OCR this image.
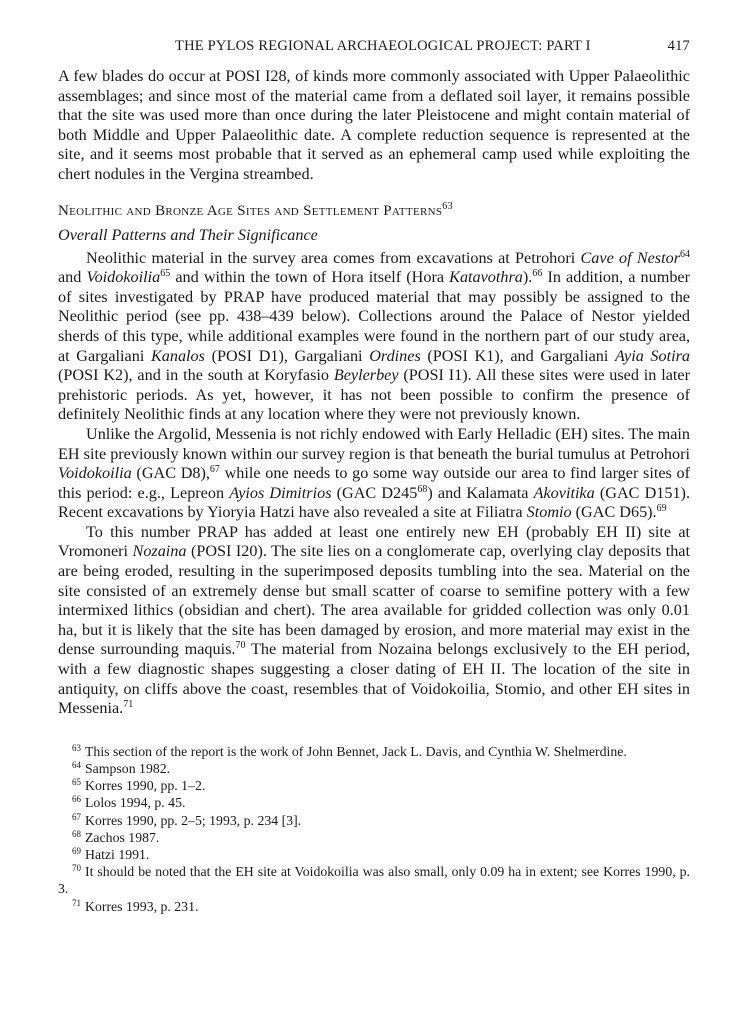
THE PYLOS REGIONAL ARCHAEOLOGICAL PROJECT: PART I	417

A few blades do occur at POSI I28, of kinds more commonly associated with Upper Palaeolithic assemblages; and since most of the material came from a deflated soil layer, it remains possible that the site was used more than once during the later Pleistocene and might contain material of both Middle and Upper Palaeolithic date. A complete reduction sequence is represented at the site, and it seems most probable that it served as an ephemeral camp used while exploiting the chert nodules in the Vergina streambed.

Neolithic and Bronze Age Sites and Settlement Patterns$^{63}$
Overall Patterns and Their Significance

Neolithic material in the survey area comes from excavations at Petrohori Cave of Nestor$^{64}$ and Voidokoilia$^{65}$ and within the town of Hora itself (Hora Katavothra).$^{66}$ In addition, a number of sites investigated by PRAP have produced material that may possibly be assigned to the Neolithic period (see pp. 438–439 below). Collections around the Palace of Nestor yielded sherds of this type, while additional examples were found in the northern part of our study area, at Gargaliani Kanalos (POSI D1), Gargaliani Ordines (POSI K1), and Gargaliani Ayia Sotira (POSI K2), and in the south at Koryfasio Beylerbey (POSI I1). All these sites were used in later prehistoric periods. As yet, however, it has not been possible to confirm the presence of definitely Neolithic finds at any location where they were not previously known.

Unlike the Argolid, Messenia is not richly endowed with Early Helladic (EH) sites. The main EH site previously known within our survey region is that beneath the burial tumulus at Petrohori Voidokoilia (GAC D8),$^{67}$ while one needs to go some way outside our area to find larger sites of this period: e.g., Lepreon Ayios Dimitrios (GAC $D245^{68}$) and Kalamata Akovitika (GAC D151). Recent excavations by Yioryia Hatzi have also revealed a site at Filiatra Stomio (GAC D65).$^{69}$

To this number PRAP has added at least one entirely new EH (probably EH II) site at Vromoneri Nozaina (POSI I20). The site lies on a conglomerate cap, overlying clay deposits that are being eroded, resulting in the superimposed deposits tumbling into the sea. Material on the site consisted of an extremely dense but small scatter of coarse to semifine pottery with a few intermixed lithics (obsidian and chert). The area available for gridded collection was only 0.01 ha, but it is likely that the site has been damaged by erosion, and more material may exist in the dense surrounding maquis.$^{70}$ The material from Nozaina belongs exclusively to the EH period, with a few diagnostic shapes suggesting a closer dating of EH II. The location of the site in antiquity, on cliffs above the coast, resembles that of Voidokoilia, Stomio, and other EH sites in Messenia.$^{71}$

$^{63}$ This section of the report is the work of John Bennet, Jack L. Davis, and Cynthia W. Shelmerdine.

$^{64}$ Sampson 1982.

$^{65}$ Korres 1990, pp. 1–2.

$^{66}$ Lolos 1994, p. 45.

$^{67}$ Korres 1990, pp. 2–5; 1993, p. 234 [3].

$^{68}$ Zachos 1987.

$^{69}$ Hatzi 1991.

$^{70}$ It should be noted that the EH site at Voidokoilia was also small, only 0.09 ha in extent; see Korres 1990, p. 3.

$^{71}$ Korres 1993, p. 231.
